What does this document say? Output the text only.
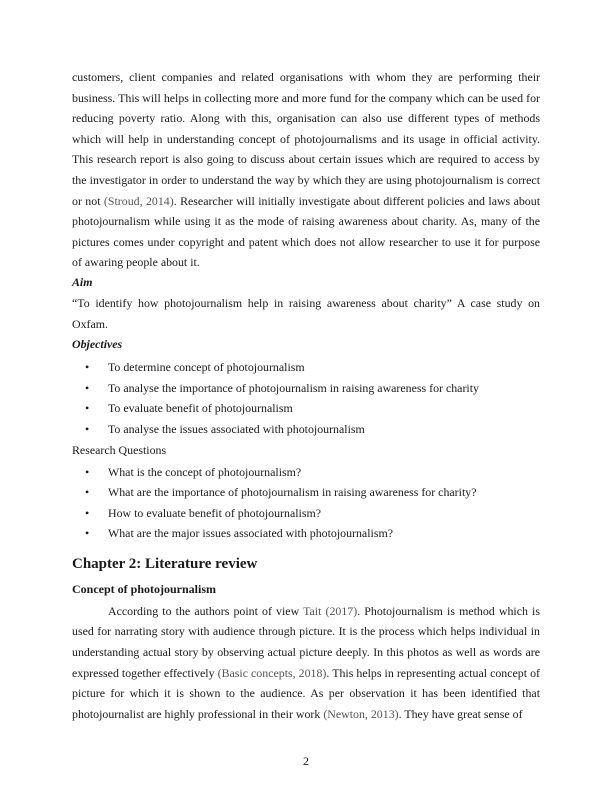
customers, client companies and related organisations with whom they are performing their business. This will helps in collecting more and more fund for the company which can be used for reducing poverty ratio. Along with this, organisation can also use different types of methods which will help in understanding concept of photojournalisms and its usage in official activity. This research report is also going to discuss about certain issues which are required to access by the investigator in order to understand the way by which they are using photojournalism is correct or not (Stroud, 2014). Researcher will initially investigate about different policies and laws about photojournalism while using it as the mode of raising awareness about charity. As, many of the pictures comes under copyright and patent which does not allow researcher to use it for purpose of awaring people about it.

Aim

“To identify how photojournalism help in raising awareness about charity” A case study on Oxfam.

Objectives

• To determine concept of photojournalism
• To analyse the importance of photojournalism in raising awareness for charity
• To evaluate benefit of photojournalism
• To analyse the issues associated with photojournalism

Research Questions

• What is the concept of photojournalism?
• What are the importance of photojournalism in raising awareness for charity?
• How to evaluate benefit of photojournalism?
• What are the major issues associated with photojournalism?
Chapter 2: Literature review
Concept of photojournalism

According to the authors point of view Tait (2017). Photojournalism is method which is used for narrating story with audience through picture. It is the process which helps individual in understanding actual story by observing actual picture deeply. In this photos as well as words are expressed together effectively (Basic concepts, 2018). This helps in representing actual concept of picture for which it is shown to the audience. As per observation it has been identified that photojournalist are highly professional in their work (Newton, 2013). They have great sense of

2
